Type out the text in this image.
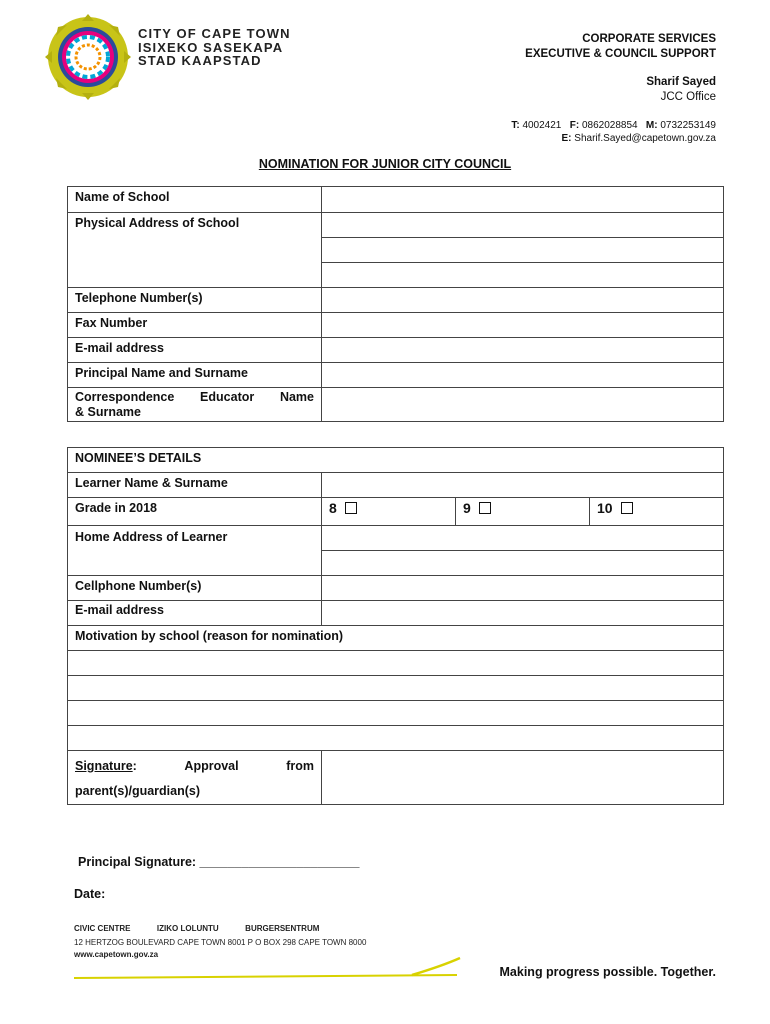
CITY OF CAPE TOWN
ISIXEKO SASEKAPA
STAD KAAPSTAD
CORPORATE SERVICES
EXECUTIVE & COUNCIL SUPPORT
Sharif Sayed
JCC Office
T: 4002421 F: 0862028854 M: 0732253149
E: Sharif.Sayed@capetown.gov.za
NOMINATION FOR JUNIOR CITY COUNCIL
Name of School	
Physical Address of School	

Telephone Number(s)	
Fax Number	
E-mail address	
Principal Name and Surname	

Correspondence Educator Name
& Surname	

NOMINEE’S DETAILS			
Learner Name & Surname			
Grade in 2018	8	9	10
Home Address of Learner			

Cellphone Number(s)			
E-mail address			
Motivation by school (reason for nomination)			

Signature: Approval from
parent(s)/guardian(s)			

Principal Signature: _______________________
Date:
CIVIC CENTRE	IZIKO LOLUNTU	BURGERSENTRUM
12 HERTZOG BOULEVARD CAPE TOWN 8001 P O BOX 298 CAPE TOWN 8000
www.capetown.gov.za
Making progress possible. Together.
